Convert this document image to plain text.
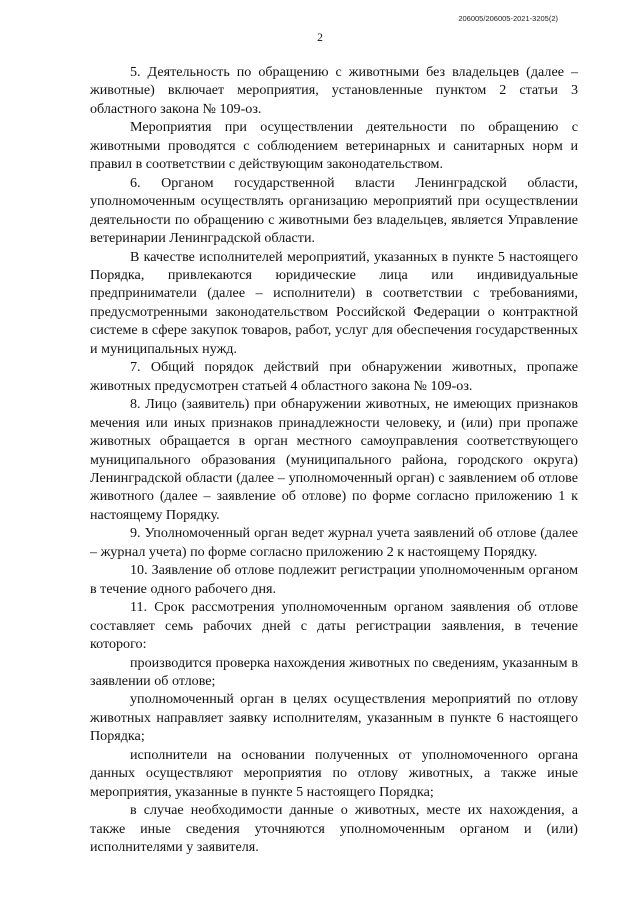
206005/206005-2021-3205(2)
2

5. Деятельность по обращению с животными без владельцев (далее – животные) включает мероприятия, установленные пунктом 2 статьи 3 областного закона № 109-оз.

Мероприятия при осуществлении деятельности по обращению с животными проводятся с соблюдением ветеринарных и санитарных норм и правил в соответствии с действующим законодательством.

6. Органом государственной власти Ленинградской области, уполномоченным осуществлять организацию мероприятий при осуществлении деятельности по обращению с животными без владельцев, является Управление ветеринарии Ленинградской области.

В качестве исполнителей мероприятий, указанных в пункте 5 настоящего Порядка, привлекаются юридические лица или индивидуальные предприниматели (далее – исполнители) в соответствии с требованиями, предусмотренными законодательством Российской Федерации о контрактной системе в сфере закупок товаров, работ, услуг для обеспечения государственных и муниципальных нужд.

7. Общий порядок действий при обнаружении животных, пропаже животных предусмотрен статьей 4 областного закона № 109-оз.

8. Лицо (заявитель) при обнаружении животных, не имеющих признаков мечения или иных признаков принадлежности человеку, и (или) при пропаже животных обращается в орган местного самоуправления соответствующего муниципального образования (муниципального района, городского округа) Ленинградской области (далее – уполномоченный орган) с заявлением об отлове животного (далее – заявление об отлове) по форме согласно приложению 1 к настоящему Порядку.

9. Уполномоченный орган ведет журнал учета заявлений об отлове (далее – журнал учета) по форме согласно приложению 2 к настоящему Порядку.

10. Заявление об отлове подлежит регистрации уполномоченным органом в течение одного рабочего дня.

11. Срок рассмотрения уполномоченным органом заявления об отлове составляет семь рабочих дней с даты регистрации заявления, в течение которого:

производится проверка нахождения животных по сведениям, указанным в заявлении об отлове;

уполномоченный орган в целях осуществления мероприятий по отлову животных направляет заявку исполнителям, указанным в пункте 6 настоящего Порядка;

исполнители на основании полученных от уполномоченного органа данных осуществляют мероприятия по отлову животных, а также иные мероприятия, указанные в пункте 5 настоящего Порядка;

в случае необходимости данные о животных, месте их нахождения, а также иные сведения уточняются уполномоченным органом и (или) исполнителями у заявителя.
